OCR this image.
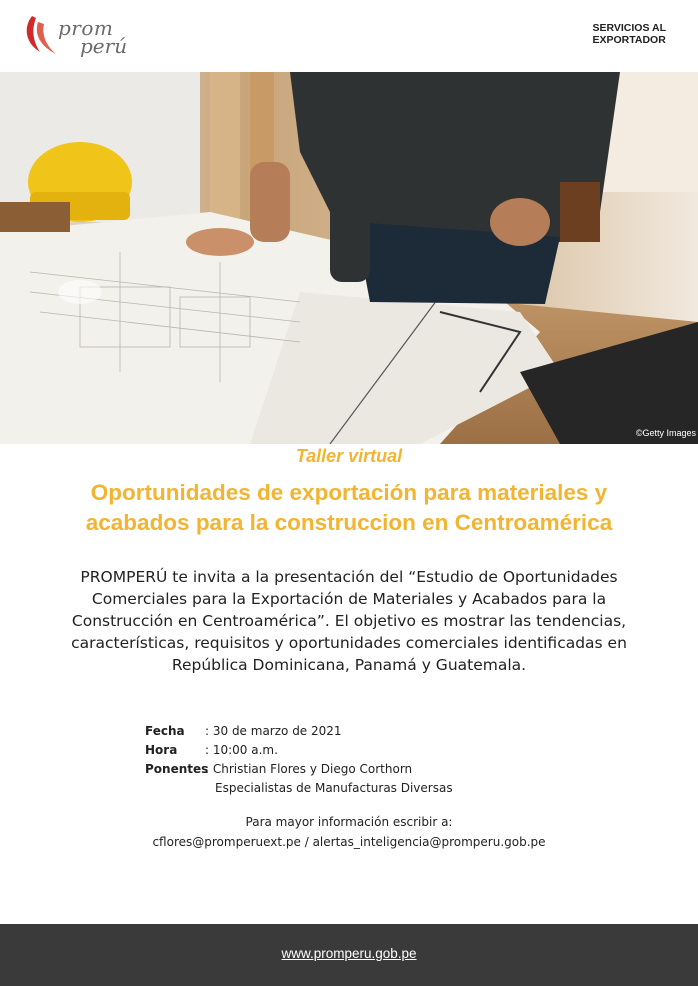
prom
perú
SERVICIOS AL
EXPORTADOR
©Getty Images
Taller virtual
Oportunidades de exportación para materiales y
acabados para la construccion en Centroamérica
PROMPERÚ te invita a la presentación del “Estudio de Oportunidades Comerciales para la Exportación de Materiales y Acabados para la Construcción en Centroamérica”. El objetivo es mostrar las tendencias, características, requisitos y oportunidades comerciales identificadas en República Dominicana, Panamá y Guatemala.
Fecha : 30 de marzo de 2021
Hora : 10:00 a.m.
Ponentes: Christian Flores y Diego Corthorn
Especialistas de Manufacturas Diversas
Para mayor información escribir a:
cflores@promperuext.pe / alertas_inteligencia@promperu.gob.pe
www.promperu.gob.pe
